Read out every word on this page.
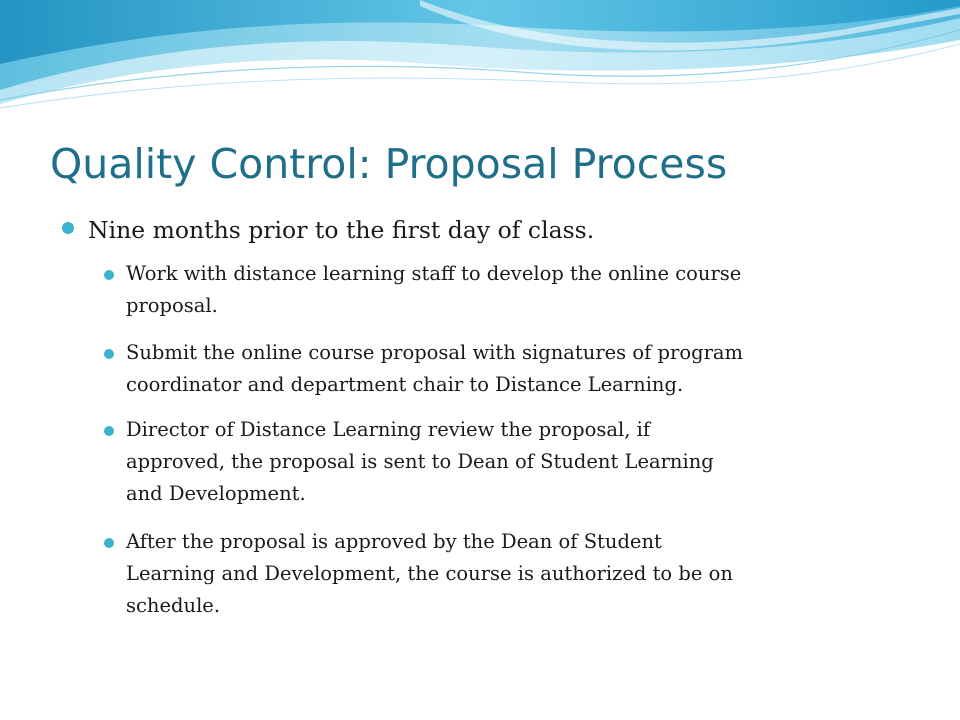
Quality Control: Proposal Process
Nine months prior to the first day of class.
Work with distance learning staff to develop the online course
proposal.
Submit the online course proposal with signatures of program
coordinator and department chair to Distance Learning.
Director of Distance Learning review the proposal, if
approved, the proposal is sent to Dean of Student Learning
and Development.
After the proposal is approved by the Dean of Student
Learning and Development, the course is authorized to be on
schedule.
